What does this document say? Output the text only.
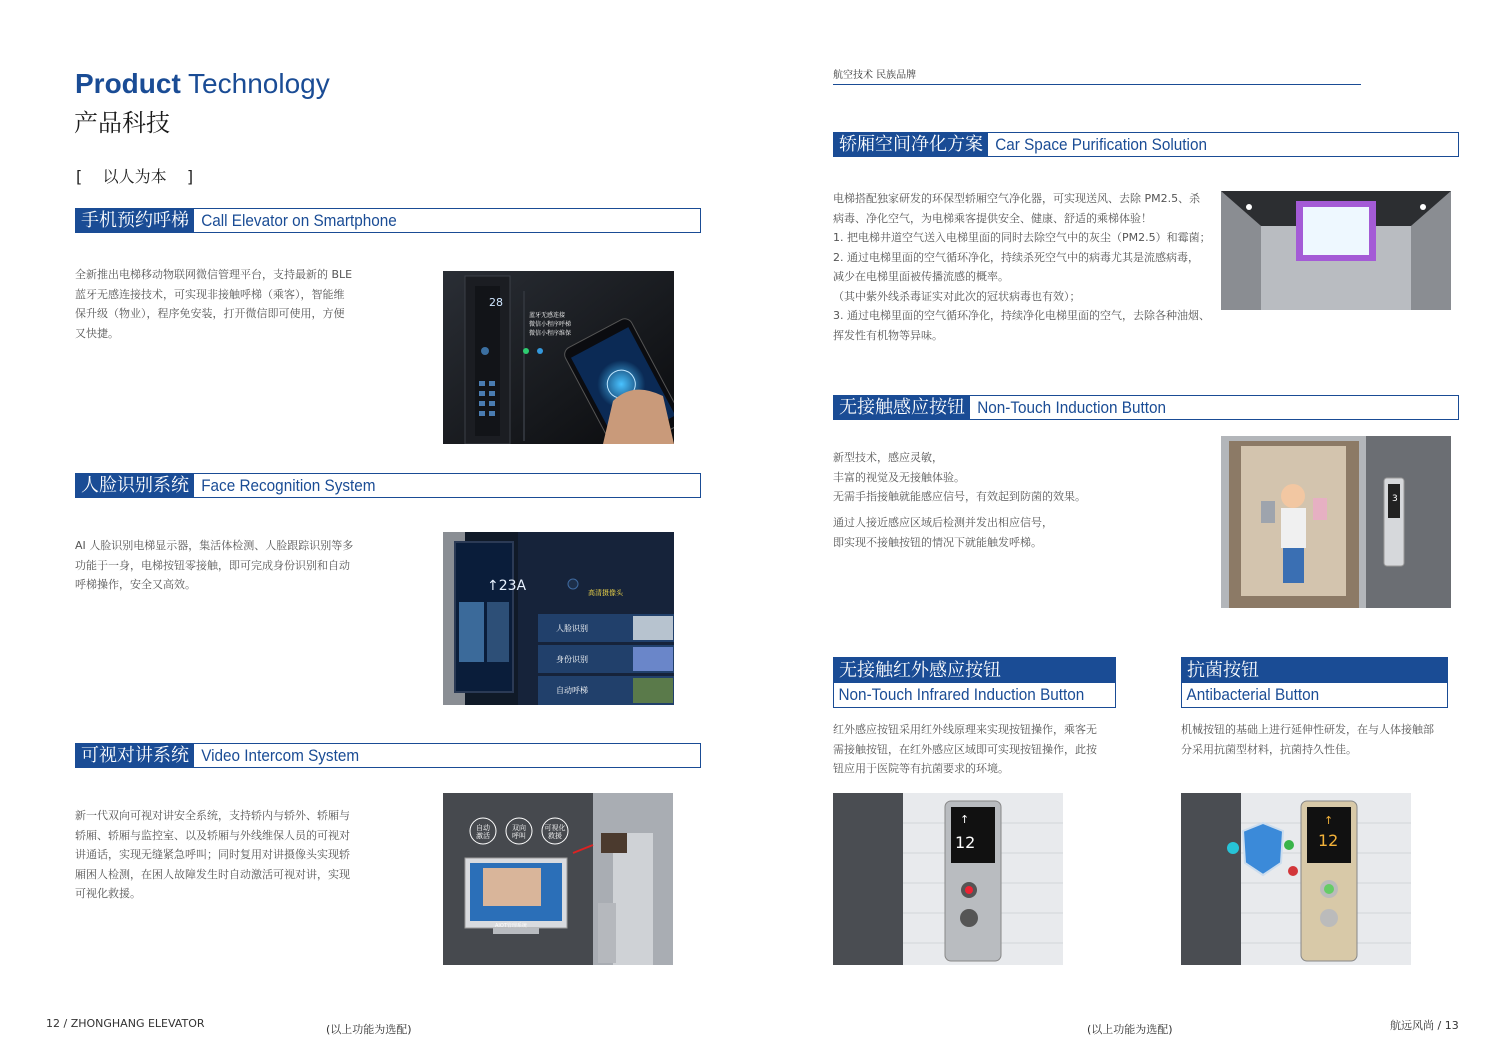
Product Technology
产品科技
[    以人为本    ]
手机预约呼梯 Call Elevator on Smartphone

全新推出电梯移动物联网微信管理平台，支持最新的 BLE

蓝牙无感连接技术，可实现非接触呼梯（乘客），智能维

保升级（物业），程序免安装，打开微信即可使用，方便

又快捷。

28
蓝牙无感连接
微信小程序呼梯
微信小程序维保
人脸识别系统 Face Recognition System

AI 人脸识别电梯显示器，集活体检测、人脸跟踪识别等多

功能于一身，电梯按钮零接触，即可完成身份识别和自动

呼梯操作，安全又高效。	↑23A	高清摄像头
人脸识别
身份识别
自动呼梯
可视对讲系统 Video Intercom System

新一代双向可视对讲安全系统，支持轿内与轿外、轿厢与

轿厢、轿厢与监控室、以及轿厢与外线维保人员的可视对

讲通话，实现无缝紧急呼叫；同时复用对讲摄像头实现轿

厢困人检测，在困人故障发生时自动激活可视对讲，实现

可视化救援。

自动激活
双向呼叫
可视化救援
AIOT管理系统
12 / ZHONGHANG ELEVATOR	(以上功能为选配)
航空技术 民族品牌
轿厢空间净化方案 Car Space Purification Solution

电梯搭配独家研发的环保型轿厢空气净化器，可实现送风、去除 PM2.5、杀

病毒、净化空气，为电梯乘客提供安全、健康、舒适的乘梯体验！

1. 把电梯井道空气送入电梯里面的同时去除空气中的灰尘（PM2.5）和霉菌；

2. 通过电梯里面的空气循环净化，持续杀死空气中的病毒尤其是流感病毒，

减少在电梯里面被传播流感的概率。

（其中紫外线杀毒证实对此次的冠状病毒也有效）；

3. 通过电梯里面的空气循环净化，持续净化电梯里面的空气，去除各种油烟、

挥发性有机物等异味。

无接触感应按钮 Non-Touch Induction Button

新型技术，感应灵敏，

丰富的视觉及无接触体验。

无需手指接触就能感应信号，有效起到防菌的效果。

通过人接近感应区域后检测并发出相应信号，

即实现不接触按钮的情况下就能触发呼梯。

3
无接触红外感应按钮
Non-Touch Infrared Induction Button

红外感应按钮采用红外线原理来实现按钮操作，乘客无

需接触按钮，在红外感应区域即可实现按钮操作，此按

钮应用于医院等有抗菌要求的环境。

↑
12
抗菌按钮
Antibacterial Button

机械按钮的基础上进行延伸性研发，在与人体接触部

分采用抗菌型材料，抗菌持久性佳。

↑
12
(以上功能为选配)	航远风尚 / 13
